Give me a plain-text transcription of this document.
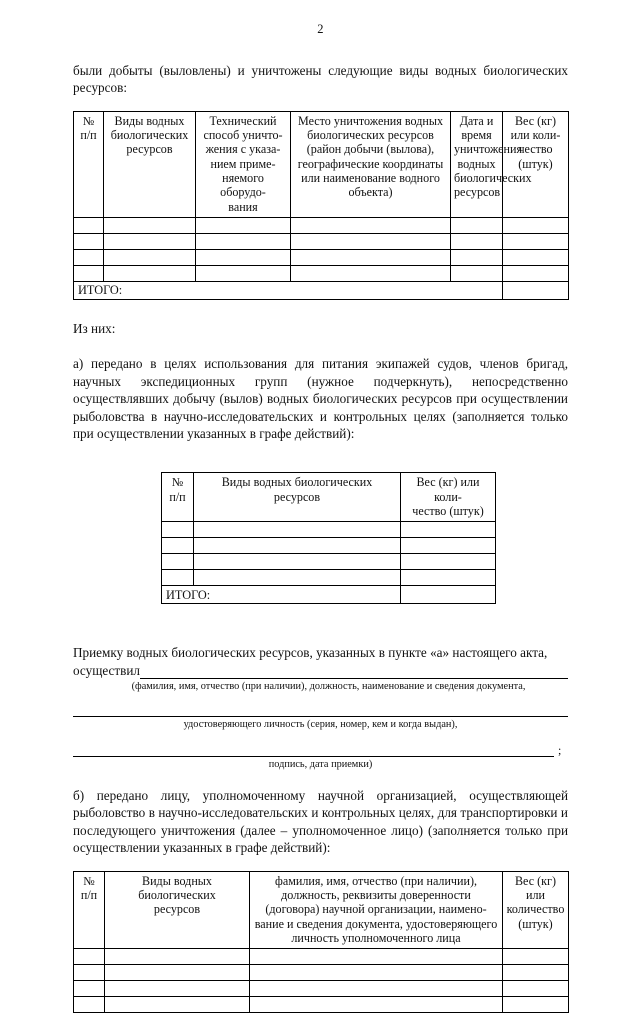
2

были добыты (выловлены) и уничтожены следующие виды водных биологических ресурсов:

№
п/п	Виды водных
биологических
ресурсов	Технический
способ уничто-
жения с указа-
нием приме-
няемого оборудо-
вания	Место уничтожения водных
биологических ресурсов
(район добычи (вылова),
географические координаты
или наименование водного
объекта)	Дата и время
уничтожения
водных
биологических
ресурсов	Вес (кг)
или коли-
чество
(штук)

ИТОГО:					

Из них:

а) передано в целях использования для питания экипажей судов, членов бригад, научных экспедиционных групп (нужное подчеркнуть), непосредственно осуществлявших добычу (вылов) водных биологических ресурсов при осуществлении рыболовства в научно-исследовательских и контрольных целях (заполняется только при осуществлении указанных в графе действий):

№
п/п	Виды водных биологических
ресурсов	Вес (кг) или коли-
чество (штук)

ИТОГО:		

Приемку водных биологических ресурсов, указанных в пункте «а» настоящего акта,

осуществил
(фамилия, имя, отчество (при наличии), должность, наименование и сведения документа,
удостоверяющего личность (серия, номер, кем и когда выдан),
;
подпись, дата приемки)

б) передано лицу, уполномоченному научной организацией, осуществляющей рыболовство в научно-исследовательских и контрольных целях, для транспортировки и последующего уничтожения (далее – уполномоченное лицо) (заполняется только при осуществлении указанных в графе действий):

№
п/п	Виды водных биологических
ресурсов	фамилия, имя, отчество (при наличии),
должность, реквизиты доверенности
(договора) научной организации, наимено-
вание и сведения документа, удостоверяющего
личность уполномоченного лица	Вес (кг) или
количество
(штук)
